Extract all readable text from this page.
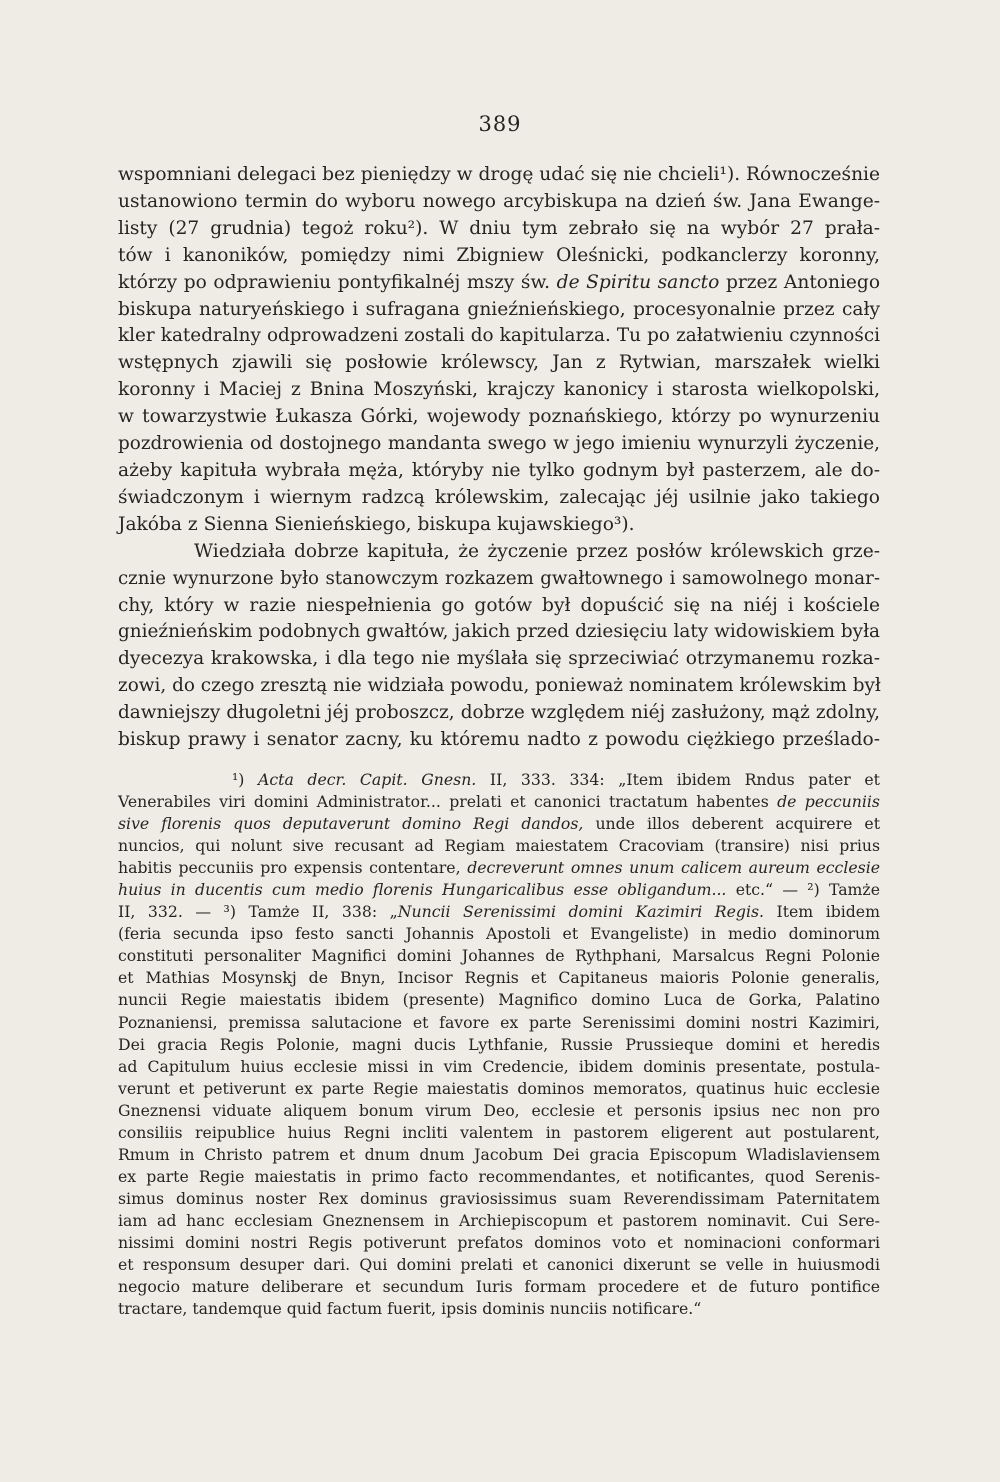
389
wspomniani delegaci bez pieniędzy w drogę udać się nie chcieli¹). Równocześnie
ustanowiono termin do wyboru nowego arcybiskupa na dzień św. Jana Ewange-
listy (27 grudnia) tegoż roku²). W dniu tym zebrało się na wybór 27 prała-
tów i kanoników, pomiędzy nimi Zbigniew Oleśnicki, podkanclerzy koronny,
którzy po odprawieniu pontyfikalnéj mszy św. de Spiritu sancto przez Antoniego
biskupa naturyeńskiego i sufragana gnieźnieńskiego, procesyonalnie przez cały
kler katedralny odprowadzeni zostali do kapitularza. Tu po załatwieniu czynności
wstępnych zjawili się posłowie królewscy, Jan z Rytwian, marszałek wielki
koronny i Maciej z Bnina Moszyński, krajczy kanonicy i starosta wielkopolski,
w towarzystwie Łukasza Górki, wojewody poznańskiego, którzy po wynurzeniu
pozdrowienia od dostojnego mandanta swego w jego imieniu wynurzyli życzenie,
ażeby kapituła wybrała męża, któryby nie tylko godnym był pasterzem, ale do-
świadczonym i wiernym radzcą królewskim, zalecając jéj usilnie jako takiego
Jakóba z Sienna Sienieńskiego, biskupa kujawskiego³).
Wiedziała dobrze kapituła, że życzenie przez posłów królewskich grze-
cznie wynurzone było stanowczym rozkazem gwałtownego i samowolnego monar-
chy, który w razie niespełnienia go gotów był dopuścić się na niéj i kościele
gnieźnieńskim podobnych gwałtów, jakich przed dziesięciu laty widowiskiem była
dyecezya krakowska, i dla tego nie myślała się sprzeciwiać otrzymanemu rozka-
zowi, do czego zresztą nie widziała powodu, ponieważ nominatem królewskim był
dawniejszy długoletni jéj proboszcz, dobrze względem niéj zasłużony, mąż zdolny,
biskup prawy i senator zacny, ku któremu nadto z powodu ciężkiego prześlado-
¹) Acta decr. Capit. Gnesn. II, 333. 334: „Item ibidem Rndus pater et
Venerabiles viri domini Administrator... prelati et canonici tractatum habentes de peccuniis
sive florenis quos deputaverunt domino Regi dandos, unde illos deberent acquirere et
nuncios, qui nolunt sive recusant ad Regiam maiestatem Cracoviam (transire) nisi prius
habitis peccuniis pro expensis contentare, decreverunt omnes unum calicem aureum ecclesie
huius in ducentis cum medio florenis Hungaricalibus esse obligandum... etc.“ — ²) Tamże
II, 332. — ³) Tamże II, 338: „Nuncii Serenissimi domini Kazimiri Regis. Item ibidem
(feria secunda ipso festo sancti Johannis Apostoli et Evangeliste) in medio dominorum
constituti personaliter Magnifici domini Johannes de Rythphani, Marsalcus Regni Polonie
et Mathias Mosynskj de Bnyn, Incisor Regnis et Capitaneus maioris Polonie generalis,
nuncii Regie maiestatis ibidem (presente) Magnifico domino Luca de Gorka, Palatino
Poznaniensi, premissa salutacione et favore ex parte Serenissimi domini nostri Kazimiri,
Dei gracia Regis Polonie, magni ducis Lythfanie, Russie Prussieque domini et heredis
ad Capitulum huius ecclesie missi in vim Credencie, ibidem dominis presentate, postula-
verunt et petiverunt ex parte Regie maiestatis dominos memoratos, quatinus huic ecclesie
Gneznensi viduate aliquem bonum virum Deo, ecclesie et personis ipsius nec non pro
consiliis reipublice huius Regni incliti valentem in pastorem eligerent aut postularent,
Rmum in Christo patrem et dnum dnum Jacobum Dei gracia Episcopum Wladislaviensem
ex parte Regie maiestatis in primo facto recommendantes, et notificantes, quod Serenis-
simus dominus noster Rex dominus graviosissimus suam Reverendissimam Paternitatem
iam ad hanc ecclesiam Gneznensem in Archiepiscopum et pastorem nominavit. Cui Sere-
nissimi domini nostri Regis potiverunt prefatos dominos voto et nominacioni conformari
et responsum desuper dari. Qui domini prelati et canonici dixerunt se velle in huiusmodi
negocio mature deliberare et secundum Iuris formam procedere et de futuro pontifice
tractare, tandemque quid factum fuerit, ipsis dominis nunciis notificare.“
